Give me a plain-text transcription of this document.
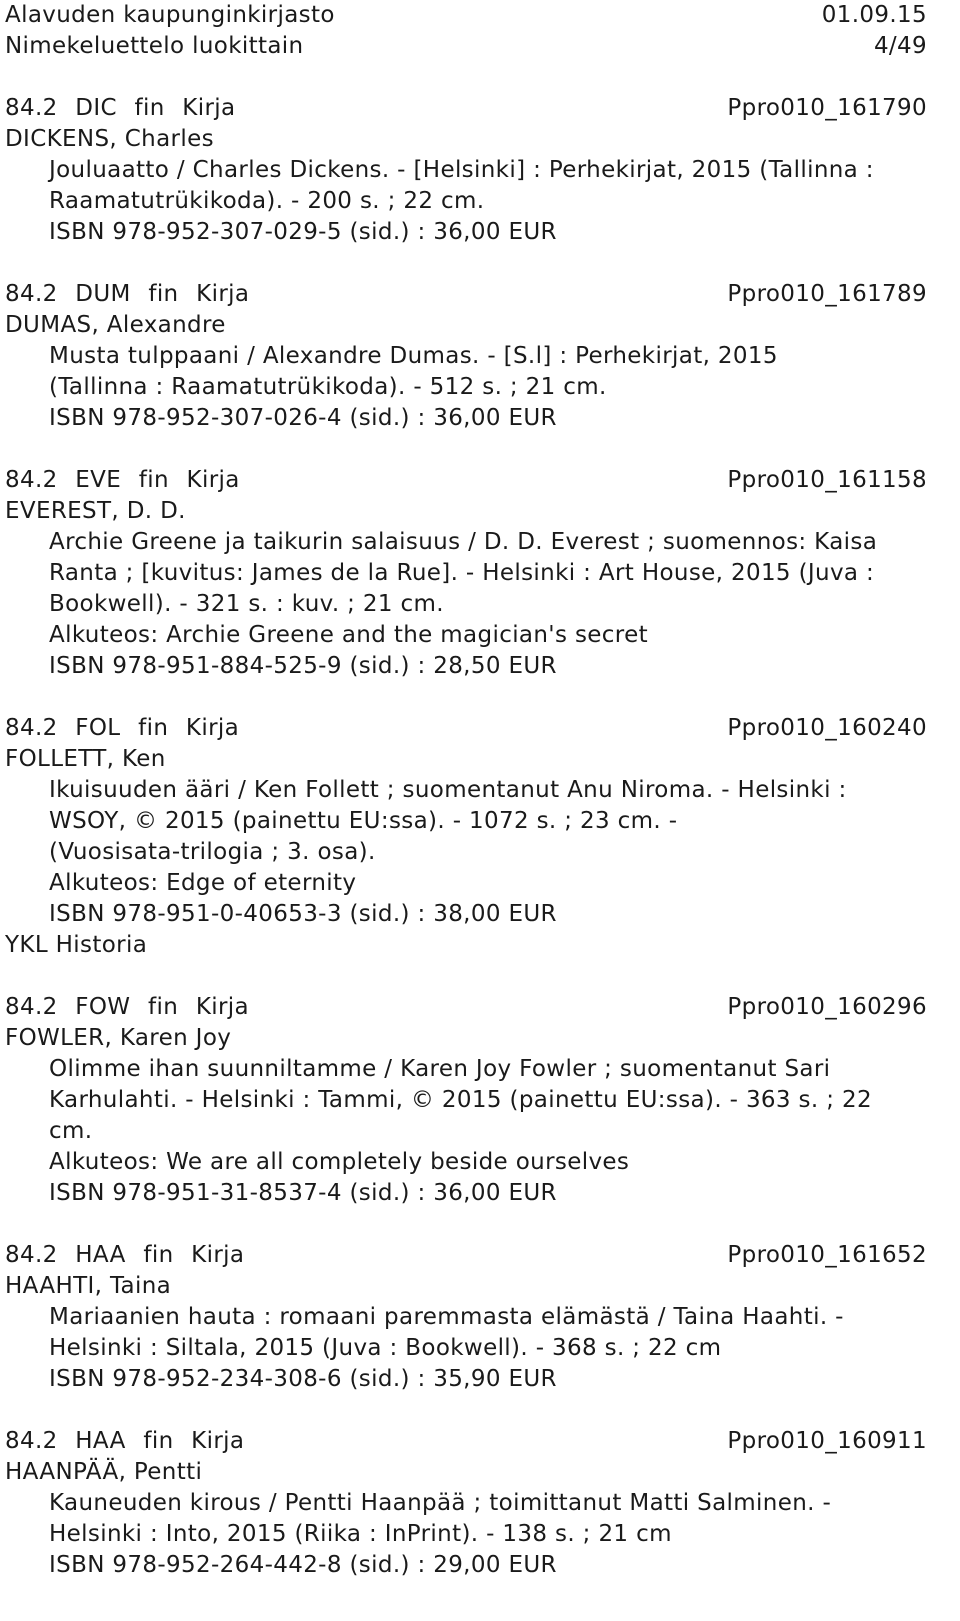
Alavuden kaupunginkirjasto	01.09.15
Nimekeluettelo luokittain	4/49
84.2 DIC fin Kirja	Ppro010_161790
DICKENS, Charles
Jouluaatto / Charles Dickens. - [Helsinki] : Perhekirjat, 2015 (Tallinna :
Raamatutrükikoda). - 200 s. ; 22 cm.
ISBN 978-952-307-029-5 (sid.) : 36,00 EUR
84.2 DUM fin Kirja	Ppro010_161789
DUMAS, Alexandre
Musta tulppaani / Alexandre Dumas. - [S.l] : Perhekirjat, 2015
(Tallinna : Raamatutrükikoda). - 512 s. ; 21 cm.
ISBN 978-952-307-026-4 (sid.) : 36,00 EUR
84.2 EVE fin Kirja	Ppro010_161158
EVEREST, D. D.
Archie Greene ja taikurin salaisuus / D. D. Everest ; suomennos: Kaisa
Ranta ; [kuvitus: James de la Rue]. - Helsinki : Art House, 2015 (Juva :
Bookwell). - 321 s. : kuv. ; 21 cm.
Alkuteos: Archie Greene and the magician's secret
ISBN 978-951-884-525-9 (sid.) : 28,50 EUR
84.2 FOL fin Kirja	Ppro010_160240
FOLLETT, Ken
Ikuisuuden ääri / Ken Follett ; suomentanut Anu Niroma. - Helsinki :
WSOY, © 2015 (painettu EU:ssa). - 1072 s. ; 23 cm. -
(Vuosisata-trilogia ; 3. osa).
Alkuteos: Edge of eternity
ISBN 978-951-0-40653-3 (sid.) : 38,00 EUR
YKL Historia
84.2 FOW fin Kirja	Ppro010_160296
FOWLER, Karen Joy
Olimme ihan suunniltamme / Karen Joy Fowler ; suomentanut Sari
Karhulahti. - Helsinki : Tammi, © 2015 (painettu EU:ssa). - 363 s. ; 22
cm.
Alkuteos: We are all completely beside ourselves
ISBN 978-951-31-8537-4 (sid.) : 36,00 EUR
84.2 HAA fin Kirja	Ppro010_161652
HAAHTI, Taina
Mariaanien hauta : romaani paremmasta elämästä / Taina Haahti. -
Helsinki : Siltala, 2015 (Juva : Bookwell). - 368 s. ; 22 cm
ISBN 978-952-234-308-6 (sid.) : 35,90 EUR
84.2 HAA fin Kirja	Ppro010_160911
HAANPÄÄ, Pentti
Kauneuden kirous / Pentti Haanpää ; toimittanut Matti Salminen. -
Helsinki : Into, 2015 (Riika : InPrint). - 138 s. ; 21 cm
ISBN 978-952-264-442-8 (sid.) : 29,00 EUR
